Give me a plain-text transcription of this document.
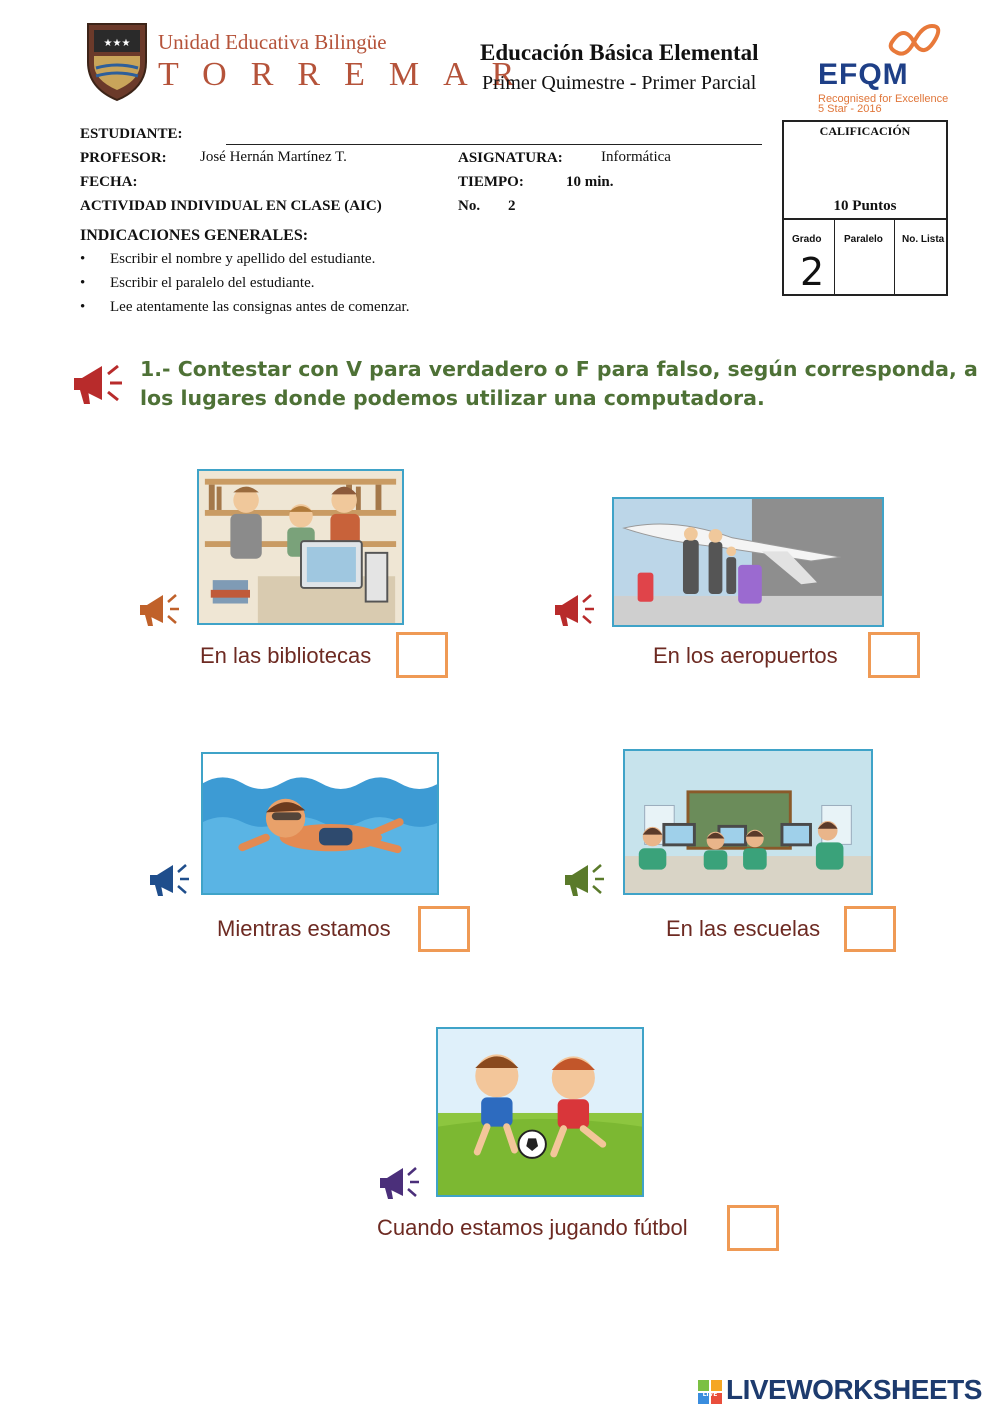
★★★ Unidad Educativa Bilingüe
TORREMAR
Educación Básica Elemental
Primer Quimestre - Primer Parcial EFQM
Recognised for Excellence
5 Star - 2016
ESTUDIANTE:
PROFESOR: José Hernán Martínez T.	ASIGNATURA:	Informática
FECHA:	TIEMPO:	10 min.
ACTIVIDAD INDIVIDUAL EN CLASE (AIC)	No. 2
CALIFICACIÓN
10 Puntos
Grado Paralelo No. Lista
2
INDICACIONES GENERALES:
• Escribir el nombre y apellido del estudiante.
• Escribir el paralelo del estudiante.
• Lee atentamente las consignas antes de comenzar.
1.- Contestar con V para verdadero o F para falso, según corresponda, a los lugares donde podemos utilizar una computadora.
En las bibliotecas	En los aeropuertos
Mientras estamos	En las escuelas
Cuando estamos jugando fútbol
LIVE LIVEWORKSHEETS
